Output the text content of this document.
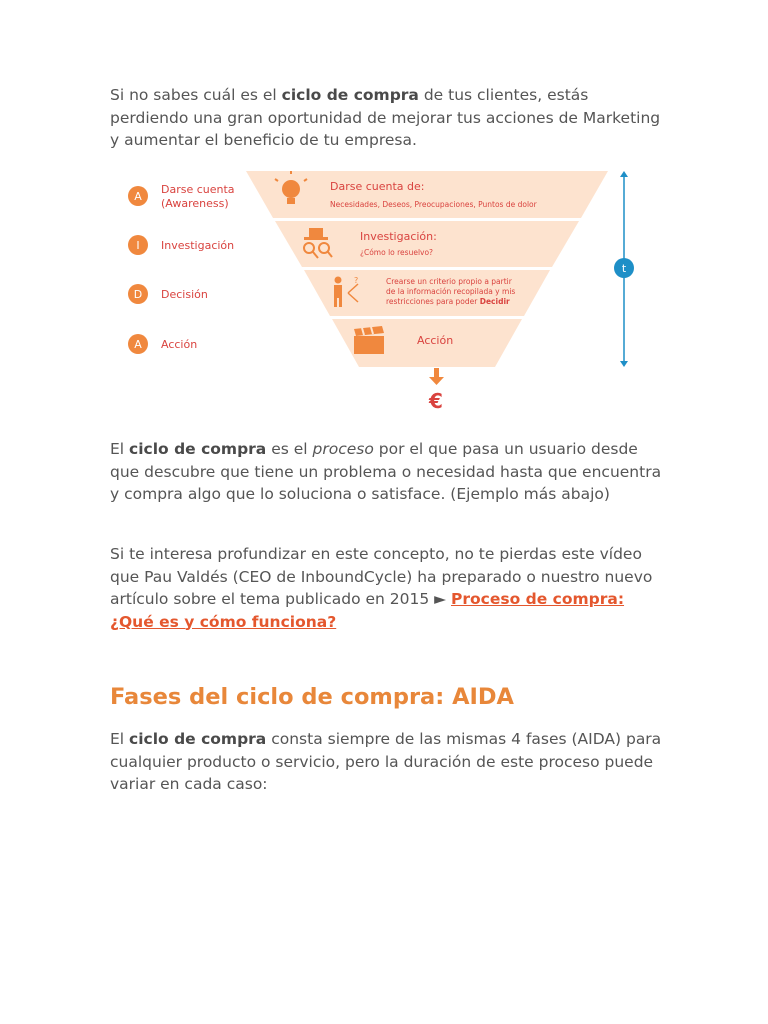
Si no sabes cuál es el ciclo de compra de tus clientes, estás perdiendo una gran oportunidad de mejorar tus acciones de Marketing y aumentar el beneficio de tu empresa.

A
Darse cuenta
(Awareness)
I Investigación
D Decisión
A Acción
Darse cuenta de:
Necesidades, Deseos, Preocupaciones, Puntos de dolor
Investigación:
¿Cómo lo resuelvo?
?	Crearse un criterio propio a partir
de la información recopilada y mis
restricciones para poder Decidir
Acción
€
t

El ciclo de compra es el proceso por el que pasa un usuario desde que descubre que tiene un problema o necesidad hasta que encuentra y compra algo que lo soluciona o satisface. (Ejemplo más abajo)

Si te interesa profundizar en este concepto, no te pierdas este vídeo que Pau Valdés (CEO de InboundCycle) ha preparado o nuestro nuevo artículo sobre el tema publicado en 2015 ► Proceso de compra: ¿Qué es y cómo funciona?

Fases del ciclo de compra: AIDA

El ciclo de compra consta siempre de las mismas 4 fases (AIDA) para cualquier producto o servicio, pero la duración de este proceso puede variar en cada caso:
